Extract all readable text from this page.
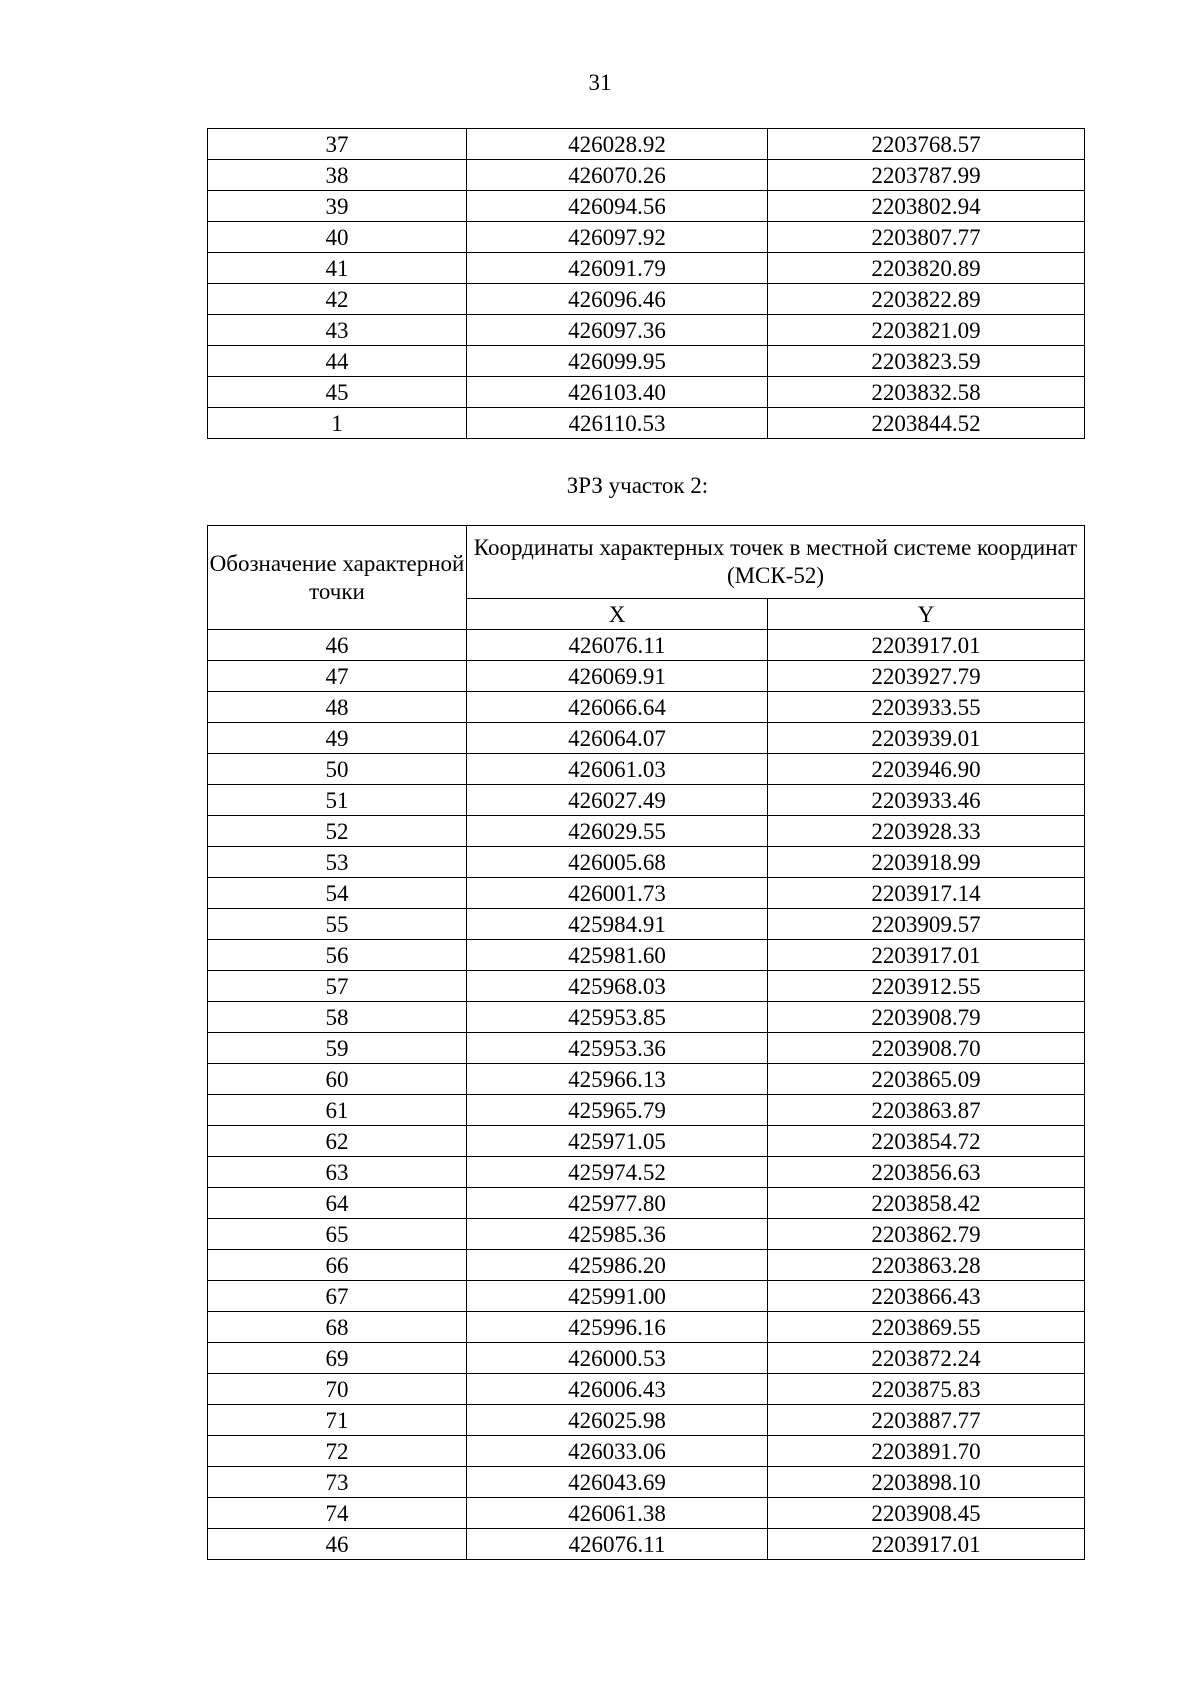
31
37	426028.92	2203768.57
38	426070.26	2203787.99
39	426094.56	2203802.94
40	426097.92	2203807.77
41	426091.79	2203820.89
42	426096.46	2203822.89
43	426097.36	2203821.09
44	426099.95	2203823.59
45	426103.40	2203832.58
1	426110.53	2203844.52
ЗРЗ участок 2:
Обозначение характерной точки	Координаты характерных точек в местной системе координат (МСК-52)	
	X	Y
46	426076.11	2203917.01
47	426069.91	2203927.79
48	426066.64	2203933.55
49	426064.07	2203939.01
50	426061.03	2203946.90
51	426027.49	2203933.46
52	426029.55	2203928.33
53	426005.68	2203918.99
54	426001.73	2203917.14
55	425984.91	2203909.57
56	425981.60	2203917.01
57	425968.03	2203912.55
58	425953.85	2203908.79
59	425953.36	2203908.70
60	425966.13	2203865.09
61	425965.79	2203863.87
62	425971.05	2203854.72
63	425974.52	2203856.63
64	425977.80	2203858.42
65	425985.36	2203862.79
66	425986.20	2203863.28
67	425991.00	2203866.43
68	425996.16	2203869.55
69	426000.53	2203872.24
70	426006.43	2203875.83
71	426025.98	2203887.77
72	426033.06	2203891.70
73	426043.69	2203898.10
74	426061.38	2203908.45
46	426076.11	2203917.01
